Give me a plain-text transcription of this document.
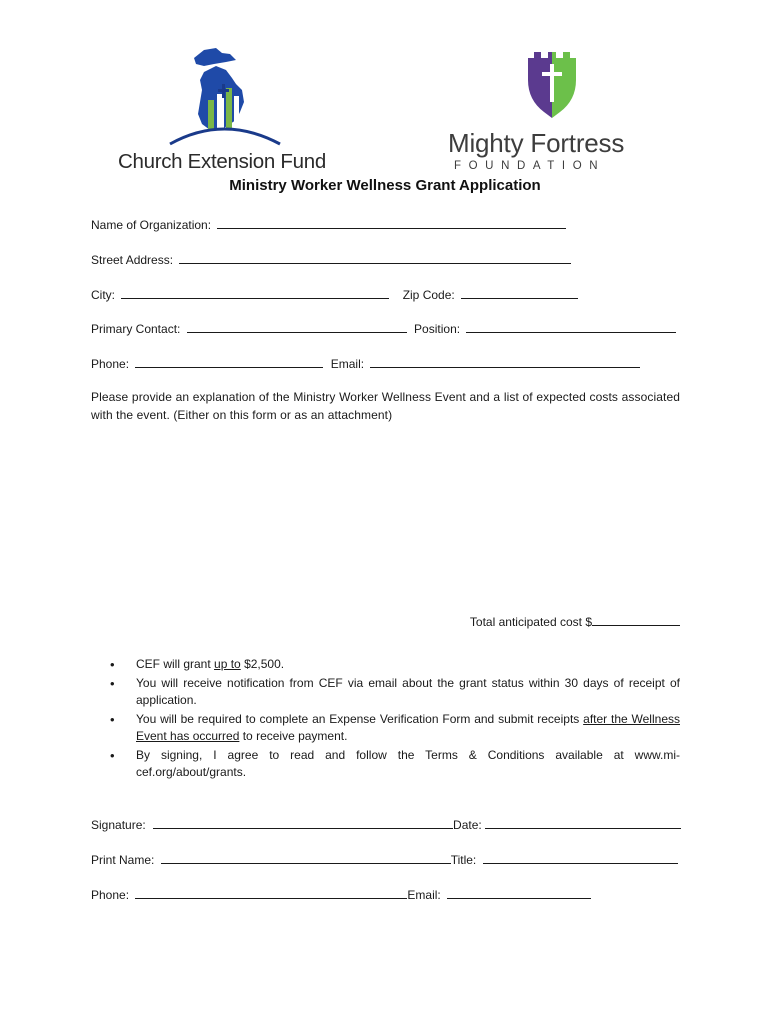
Church Extension Fund
Mighty Fortress
FOUNDATION
Ministry Worker Wellness Grant Application
Name of Organization:
Street Address:
City:	Zip Code:
Primary Contact:	Position:
Phone:	Email:
Please provide an explanation of the Ministry Worker Wellness Event and a list of expected costs associated with the event. (Either on this form or as an attachment)
Total anticipated cost $
• CEF will grant up to $2,500.
• You will receive notification from CEF via email about the grant status within 30 days of receipt of application.
• You will be required to complete an Expense Verification Form and submit receipts after the Wellness Event has occurred to receive payment.
• By signing, I agree to read and follow the Terms & Conditions available at www.mi-cef.org/about/grants.
Signature:	Date:
Print Name:	Title:
Phone:	Email:
